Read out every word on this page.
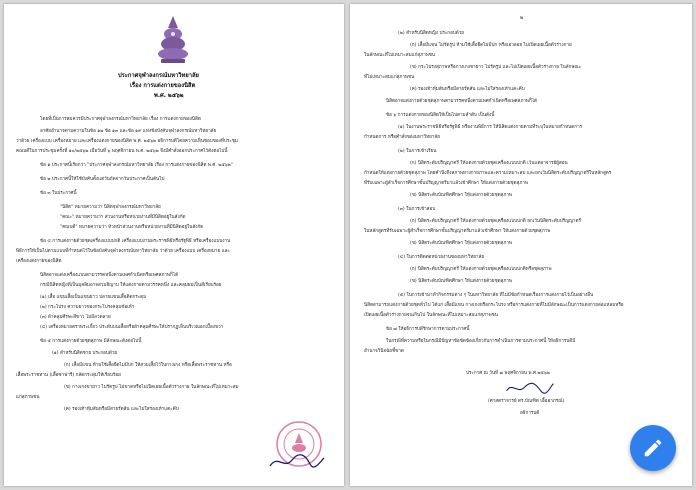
ประกาศจุฬาลงกรณ์มหาวิทยาลัย
เรื่อง การแต่งกายของนิสิต
พ.ศ. ๒๕๖๒
โดยที่เป็นการสมควรมีประกาศจุฬาลงกรณ์มหาวิทยาลัย เรื่อง การแต่งกายของนิสิต
อาศัยอำนาจตามความในข้อ ๑๒ ข้อ ๑๓ และข้อ ๑๙ แห่งข้อบังคับจุฬาลงกรณ์มหาวิทยาลัย
ว่าด้วย เครื่องแบบ เครื่องหมาย และเครื่องแต่งกายของนิสิต พ.ศ. ๒๕๖๒ อธิการบดีโดยความเห็นชอบของที่ประชุม
คณบดีในการประชุมครั้งที่ ๑๐/๒๕๖๒ เมื่อวันที่ ๖ พฤศจิกายน พ.ศ. ๒๕๖๒ จึงมีคำสั่งออกประกาศไว้ดังต่อไปนี้
ข้อ ๑ ประกาศนี้เรียกว่า "ประกาศจุฬาลงกรณ์มหาวิทยาลัย เรื่อง การแต่งกายของนิสิต พ.ศ. ๒๕๖๒"
ข้อ ๒ ประกาศนี้ให้ใช้บังคับตั้งแต่วันถัดจากวันประกาศเป็นต้นไป
ข้อ ๓ ในประกาศนี้
"นิสิต" หมายความว่า นิสิตจุฬาลงกรณ์มหาวิทยาลัย
"คณะ" หมายความว่า ส่วนงานหรือหน่วยงานที่มีนิสิตอยู่ในสังกัด
"คณบดี" หมายความว่า หัวหน้าส่วนงานหรือหน่วยงานที่มีนิสิตอยู่ในสังกัด
ข้อ ๔ การแต่งกายด้วยชุดเครื่องแบบปกติ เครื่องแบบงานพระราชพิธีหรือรัฐพิธี หรือเครื่องแบบงาน
พิธีการให้เป็นไปตามแบบที่กำหนดไว้ในข้อบังคับจุฬาลงกรณ์มหาวิทยาลัย ว่าด้วย เครื่องแบบ เครื่องหมาย และ
เครื่องแต่งกายของนิสิต
นิสิตอาจแต่งเครื่องแบบตามวรรคหนึ่งตามเพศกำเนิดหรือเพศสภาพก็ได้
กรณีนิสิตหญิงที่เป็นมุสลิมอาจสวมฮิญาบ ให้แต่งกายตามวรรคหนึ่ง และคลุมผมเป็นสีเรียบร้อย
(๑) เสื้อ แขนเสื้อเป็นแขนยาว ปลายแขนเสื้อติดกระดุม
(๒) กระโปรง ความยาวของกระโปรงคลุมข้อเท้า
(๓) ผ้าคลุมศีรษะสีขาว ไม่มีลวดลาย
(๔) เครื่องหมายตราพระเกี้ยว ประดับบนเสื้อหรือผ้าคลุมศีรษะให้ปรากฏเห็นบริเวณอกเบื้องขวา
ข้อ ๕ การแต่งกายด้วยชุดสุภาพ มีลักษณะดังต่อไปนี้
(๑) สำหรับนิสิตชาย ประกอบด้วย
(ก) เสื้อมีแขน ห้ามใช้เสื้อยืดไม่มีปก ให้สวมเสื้อไว้ในกางเกง หรือเสื้อพระราชทาน หรือ
เสื้อพระราชทาน (เสื้อซาฟารี) กลัดกระดุมให้เรียบร้อย
(ข) กางเกงขายาว ไม่รัดรูป ไม่ขาดหรือไม่เปิดเผยเนื้อตัวร่างกาย ในลักษณะที่ไม่เหมาะสม
แก่สุภาพชน
(ค) รองเท้าหุ้มส้นหรือมีสายรัดส้น และไม่ใส่รองเท้าแตะคีบ
๒
(๒) สำหรับนิสิตหญิง ประกอบด้วย
(ก) เสื้อมีแขน ไม่รัดรูป ห้ามใช้เสื้อยืดไม่มีปก หรือเอวลอย ไม่เปิดเผยเนื้อตัวร่างกาย
ในลักษณะที่ไม่เหมาะสมแก่สุภาพชน
(ข) กระโปรงสุภาพหรือกางเกงขายาว ไม่รัดรูป และไม่เปิดเผยเนื้อตัวร่างกาย ในลักษณะ
ที่ไม่เหมาะสมแก่สุภาพชน
(ค) รองเท้าหุ้มส้นหรือมีสายรัดส้น และไม่ใส่รองเท้าแตะคีบ
นิสิตอาจแต่งกายด้วยชุดสุภาพตามวรรคหนึ่งตามเพศกำเนิดหรือเพศสภาพก็ได้
ข้อ ๖ การแต่งกายของนิสิตให้เป็นไปตามลำดับ เป็นดังนี้
(๑) ในงานพระราชพิธีหรือรัฐพิธี หรืองานพิธีการ ให้นิสิตแต่งกายตามที่ระบุในหมายกำหนดการ
กำหนดการ หรือคำสั่งของมหาวิทยาลัย
(๒) ในการเข้าเรียน
(ก) นิสิตระดับปริญญาตรี ให้แต่งกายด้วยชุดเครื่องแบบปกติ เว้นแต่อาจารย์ผู้สอน
กำหนดให้แต่งกายด้วยชุดสุภาพ โดยคำนึงถึงสภาพทางกายภาพและความเหมาะสม และยกเว้นนิสิตระดับปริญญาตรีในหลักสูตร
ที่รับเฉพาะผู้สำเร็จการศึกษาขั้นปริญญาตรีมาแล้วเข้าศึกษา ให้แต่งกายด้วยชุดสุภาพ
(ข) นิสิตระดับบัณฑิตศึกษา ให้แต่งกายด้วยชุดสุภาพ
(๓) ในการเข้าสอบ
(ก) นิสิตระดับปริญญาตรี ให้แต่งกายด้วยชุดเครื่องแบบปกติ ยกเว้นนิสิตระดับปริญญาตรี
ในหลักสูตรที่รับเฉพาะผู้สำเร็จการศึกษาขั้นปริญญาตรีมาแล้วเข้าศึกษา ให้แต่งกายด้วยชุดสุภาพ
(ข) นิสิตระดับบัณฑิตศึกษา ให้แต่งกายด้วยชุดสุภาพ
(๔) ในการติดต่อหน่วยงานของมหาวิทยาลัย
(ก) นิสิตระดับปริญญาตรี ให้แต่งกายด้วยชุดเครื่องแบบปกติหรือชุดสุภาพ
(ข) นิสิตระดับบัณฑิตศึกษา ให้แต่งกายด้วยชุดสุภาพ
(๕) ในการเข้ามาทำกิจกรรมต่าง ๆ ในมหาวิทยาลัย ที่ไม่มีข้อกำหนดเรื่องการแต่งกายไว้เป็นอย่างอื่น
นิสิตสามารถแต่งกายด้วยชุดทั่วไป ได้แก่ เสื้อมีแขน กางเกงหรือกระโปรง หรือการแต่งกายที่ไม่มีลักษณะเป็นการแต่งกายล่อแหลมหรือ
เปิดเผยเนื้อตัวร่างกายจนเกินไป ในลักษณะที่ไม่เหมาะสมแก่สุภาพชน
ข้อ ๗ ให้อธิการบดีรักษาการตามประกาศนี้
ในกรณีที่ความหรือในกรณีมีปัญหาข้อขัดข้องเกี่ยวกับการดำเนินการตามประกาศนี้ ให้อธิการบดีมี
อำนาจวินิจฉัยชี้ขาด
ประกาศ ณ วันที่ ๗ พฤศจิกายน พ.ศ.๒๕๖๒
(ศาสตราจารย์ ดร.บัณฑิต เอื้ออาภรณ์)
อธิการบดี
